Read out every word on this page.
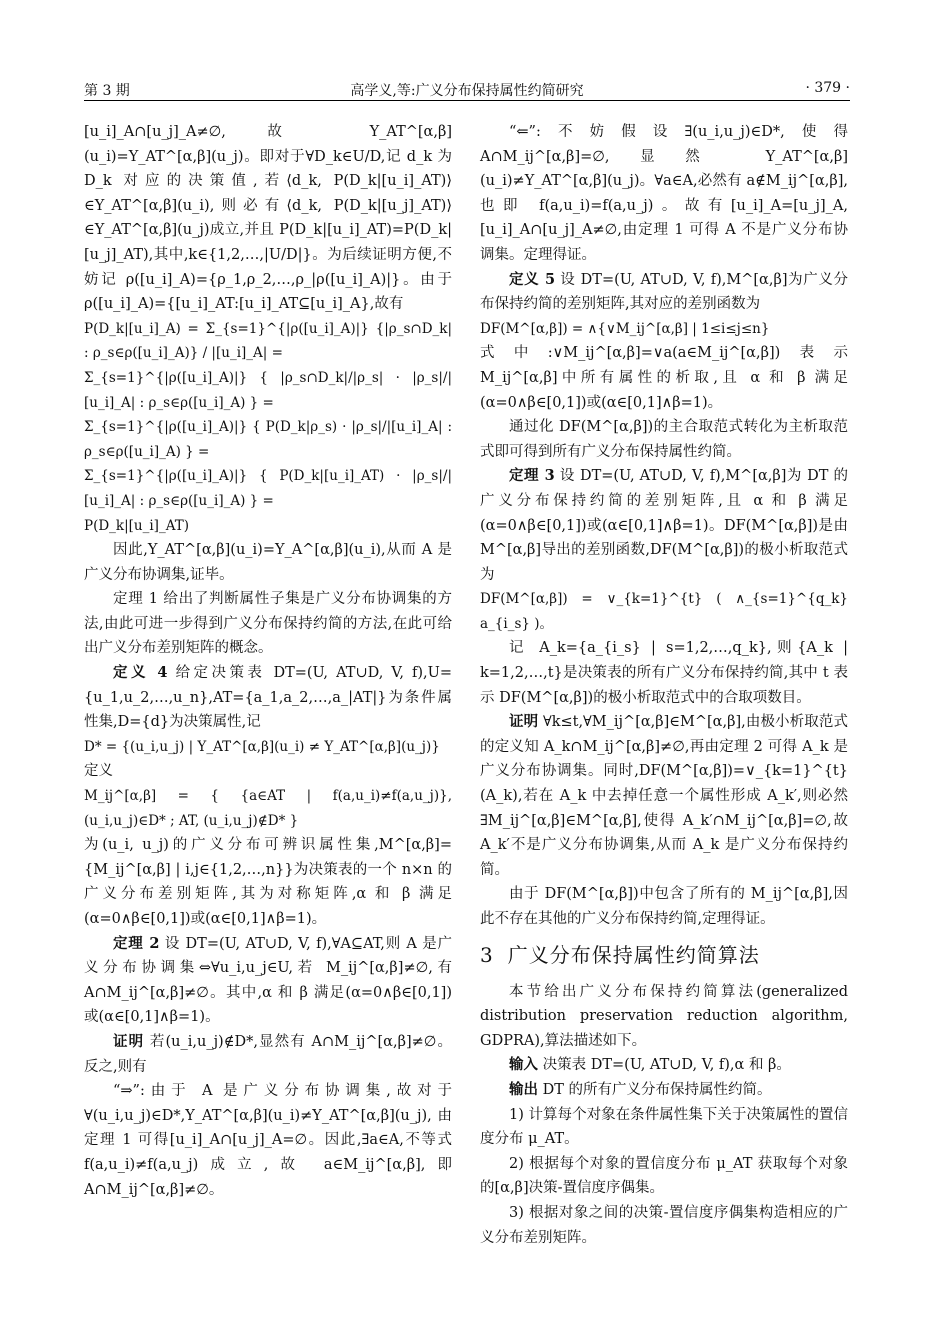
第 3 期	高学义,等:广义分布保持属性约简研究	· 379 ·

[u_i]_A∩[u_j]_A≠∅,故 Y_AT^[α,β](u_i)=Y_AT^[α,β](u_j)。即对于∀D_k∈U/D,记 d_k 为 D_k 对应的决策值,若⟨d_k, P(D_k|[u_i]_AT)⟩∈Y_AT^[α,β](u_i),则必有⟨d_k, P(D_k|[u_j]_AT)⟩∈Y_AT^[α,β](u_j)成立,并且 P(D_k|[u_i]_AT)=P(D_k|[u_j]_AT),其中,k∈{1,2,…,|U/D|}。为后续证明方便,不妨记 ρ([u_i]_A)={ρ_1,ρ_2,…,ρ_|ρ([u_i]_A)|}。由于 ρ([u_i]_A)={[u_i]_AT:[u_i]_AT⊆[u_i]_A},故有

P(D_k|[u_i]_A) = Σ_{s=1}^{|ρ([u_i]_A)|} {|ρ_s∩D_k| : ρ_s∈ρ([u_i]_A)} / |[u_i]_A| =

Σ_{s=1}^{|ρ([u_i]_A)|} { |ρ_s∩D_k|/|ρ_s| · |ρ_s|/|[u_i]_A| : ρ_s∈ρ([u_i]_A) } =

Σ_{s=1}^{|ρ([u_i]_A)|} { P(D_k|ρ_s) · |ρ_s|/|[u_i]_A| : ρ_s∈ρ([u_i]_A) } =

Σ_{s=1}^{|ρ([u_i]_A)|} { P(D_k|[u_i]_AT) · |ρ_s|/|[u_i]_A| : ρ_s∈ρ([u_i]_A) } =

P(D_k|[u_i]_AT)

因此,Y_AT^[α,β](u_i)=Y_A^[α,β](u_i),从而 A 是广义分布协调集,证毕。

定理 1 给出了判断属性子集是广义分布协调集的方法,由此可进一步得到广义分布保持约简的方法,在此可给出广义分布差别矩阵的概念。

定义 4 给定决策表 DT=(U, AT∪D, V, f),U={u_1,u_2,…,u_n},AT={a_1,a_2,…,a_|AT|}为条件属性集,D={d}为决策属性,记

D* = {(u_i,u_j) | Y_AT^[α,β](u_i) ≠ Y_AT^[α,β](u_j)}

定义

M_ij^[α,β] = { {a∈AT | f(a,u_i)≠f(a,u_j)}, (u_i,u_j)∈D* ; AT, (u_i,u_j)∉D* }

为(u_i, u_j)的广义分布可辨识属性集,M^[α,β]={M_ij^[α,β] | i,j∈{1,2,…,n}}为决策表的一个 n×n 的广义分布差别矩阵,其为对称矩阵,α 和 β 满足(α=0∧β∈[0,1])或(α∈[0,1]∧β=1)。

定理 2 设 DT=(U, AT∪D, V, f),∀A⊆AT,则 A 是广义分布协调集⇔∀u_i,u_j∈U,若 M_ij^[α,β]≠∅,有 A∩M_ij^[α,β]≠∅。其中,α 和 β 满足(α=0∧β∈[0,1])或(α∈[0,1]∧β=1)。

证明 若(u_i,u_j)∉D*,显然有 A∩M_ij^[α,β]≠∅。反之,则有

“⇒”:由于 A 是广义分布协调集,故对于∀(u_i,u_j)∈D*,Y_AT^[α,β](u_i)≠Y_AT^[α,β](u_j),由定理 1 可得[u_i]_A∩[u_j]_A=∅。因此,∃a∈A,不等式 f(a,u_i)≠f(a,u_j)成立,故 a∈M_ij^[α,β],即 A∩M_ij^[α,β]≠∅。

“⇐”:不妨假设∃(u_i,u_j)∈D*,使得 A∩M_ij^[α,β]=∅,显然 Y_AT^[α,β](u_i)≠Y_AT^[α,β](u_j)。∀a∈A,必然有 a∉M_ij^[α,β],也即 f(a,u_i)=f(a,u_j)。故有[u_i]_A=[u_j]_A,[u_i]_A∩[u_j]_A≠∅,由定理 1 可得 A 不是广义分布协调集。定理得证。

定义 5 设 DT=(U, AT∪D, V, f),M^[α,β]为广义分布保持约简的差别矩阵,其对应的差别函数为

DF(M^[α,β]) = ∧{∨M_ij^[α,β] | 1≤i≤j≤n}

式中:∨M_ij^[α,β]=∨a(a∈M_ij^[α,β])表示 M_ij^[α,β]中所有属性的析取,且 α 和 β 满足(α=0∧β∈[0,1])或(α∈[0,1]∧β=1)。

通过化 DF(M^[α,β])的主合取范式转化为主析取范式即可得到所有广义分布保持属性约简。

定理 3 设 DT=(U, AT∪D, V, f),M^[α,β]为 DT 的广义分布保持约简的差别矩阵,且 α 和 β 满足(α=0∧β∈[0,1])或(α∈[0,1]∧β=1)。DF(M^[α,β])是由 M^[α,β]导出的差别函数,DF(M^[α,β])的极小析取范式为

DF(M^[α,β]) = ∨_{k=1}^{t} ( ∧_{s=1}^{q_k} a_{i_s} )。

记 A_k={a_{i_s} | s=1,2,…,q_k},则{A_k | k=1,2,…,t}是决策表的所有广义分布保持约简,其中 t 表示 DF(M^[α,β])的极小析取范式中的合取项数目。

证明 ∀k≤t,∀M_ij^[α,β]∈M^[α,β],由极小析取范式的定义知 A_k∩M_ij^[α,β]≠∅,再由定理 2 可得 A_k 是广义分布协调集。同时,DF(M^[α,β])=∨_{k=1}^{t}(A_k),若在 A_k 中去掉任意一个属性形成 A_k′,则必然∃M_ij^[α,β]∈M^[α,β],使得 A_k′∩M_ij^[α,β]=∅,故 A_k′不是广义分布协调集,从而 A_k 是广义分布保持约简。

由于 DF(M^[α,β])中包含了所有的 M_ij^[α,β],因此不存在其他的广义分布保持约简,定理得证。

3 广义分布保持属性约简算法

本节给出广义分布保持约简算法(generalized distribution preservation reduction algorithm, GDPRA),算法描述如下。

输入 决策表 DT=(U, AT∪D, V, f),α 和 β。

输出 DT 的所有广义分布保持属性约简。

1) 计算每个对象在条件属性集下关于决策属性的置信度分布 μ_AT。

2) 根据每个对象的置信度分布 μ_AT 获取每个对象的[α,β]决策-置信度序偶集。

3) 根据对象之间的决策-置信度序偶集构造相应的广义分布差别矩阵。
